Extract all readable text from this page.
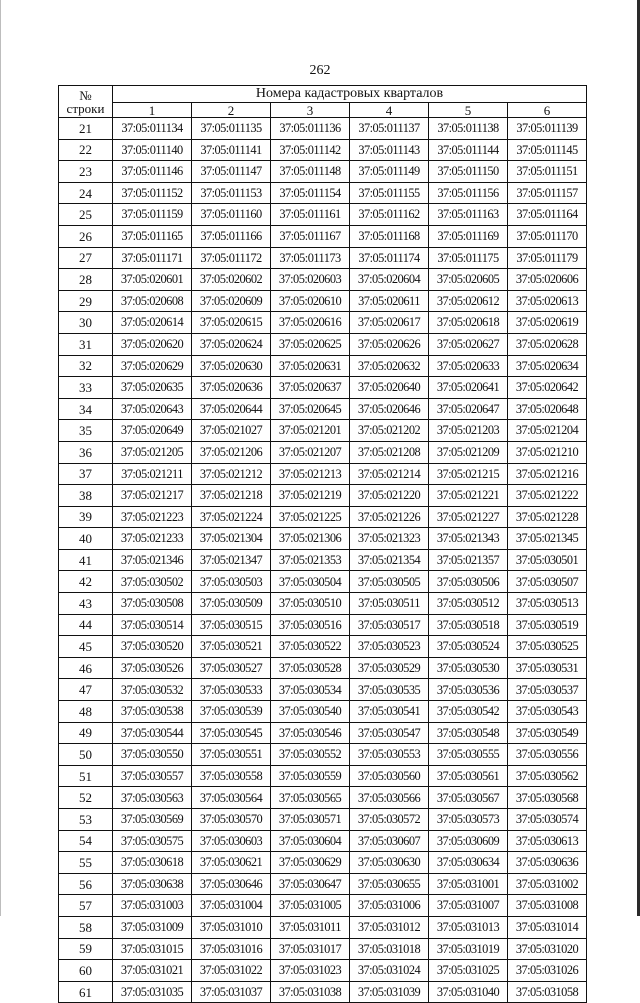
262
№
строки	Номера кадастровых кварталов					
	1	2	3	4	5	6
21	37:05:011134	37:05:011135	37:05:011136	37:05:011137	37:05:011138	37:05:011139
22	37:05:011140	37:05:011141	37:05:011142	37:05:011143	37:05:011144	37:05:011145
23	37:05:011146	37:05:011147	37:05:011148	37:05:011149	37:05:011150	37:05:011151
24	37:05:011152	37:05:011153	37:05:011154	37:05:011155	37:05:011156	37:05:011157
25	37:05:011159	37:05:011160	37:05:011161	37:05:011162	37:05:011163	37:05:011164
26	37:05:011165	37:05:011166	37:05:011167	37:05:011168	37:05:011169	37:05:011170
27	37:05:011171	37:05:011172	37:05:011173	37:05:011174	37:05:011175	37:05:011179
28	37:05:020601	37:05:020602	37:05:020603	37:05:020604	37:05:020605	37:05:020606
29	37:05:020608	37:05:020609	37:05:020610	37:05:020611	37:05:020612	37:05:020613
30	37:05:020614	37:05:020615	37:05:020616	37:05:020617	37:05:020618	37:05:020619
31	37:05:020620	37:05:020624	37:05:020625	37:05:020626	37:05:020627	37:05:020628
32	37:05:020629	37:05:020630	37:05:020631	37:05:020632	37:05:020633	37:05:020634
33	37:05:020635	37:05:020636	37:05:020637	37:05:020640	37:05:020641	37:05:020642
34	37:05:020643	37:05:020644	37:05:020645	37:05:020646	37:05:020647	37:05:020648
35	37:05:020649	37:05:021027	37:05:021201	37:05:021202	37:05:021203	37:05:021204
36	37:05:021205	37:05:021206	37:05:021207	37:05:021208	37:05:021209	37:05:021210
37	37:05:021211	37:05:021212	37:05:021213	37:05:021214	37:05:021215	37:05:021216
38	37:05:021217	37:05:021218	37:05:021219	37:05:021220	37:05:021221	37:05:021222
39	37:05:021223	37:05:021224	37:05:021225	37:05:021226	37:05:021227	37:05:021228
40	37:05:021233	37:05:021304	37:05:021306	37:05:021323	37:05:021343	37:05:021345
41	37:05:021346	37:05:021347	37:05:021353	37:05:021354	37:05:021357	37:05:030501
42	37:05:030502	37:05:030503	37:05:030504	37:05:030505	37:05:030506	37:05:030507
43	37:05:030508	37:05:030509	37:05:030510	37:05:030511	37:05:030512	37:05:030513
44	37:05:030514	37:05:030515	37:05:030516	37:05:030517	37:05:030518	37:05:030519
45	37:05:030520	37:05:030521	37:05:030522	37:05:030523	37:05:030524	37:05:030525
46	37:05:030526	37:05:030527	37:05:030528	37:05:030529	37:05:030530	37:05:030531
47	37:05:030532	37:05:030533	37:05:030534	37:05:030535	37:05:030536	37:05:030537
48	37:05:030538	37:05:030539	37:05:030540	37:05:030541	37:05:030542	37:05:030543
49	37:05:030544	37:05:030545	37:05:030546	37:05:030547	37:05:030548	37:05:030549
50	37:05:030550	37:05:030551	37:05:030552	37:05:030553	37:05:030555	37:05:030556
51	37:05:030557	37:05:030558	37:05:030559	37:05:030560	37:05:030561	37:05:030562
52	37:05:030563	37:05:030564	37:05:030565	37:05:030566	37:05:030567	37:05:030568
53	37:05:030569	37:05:030570	37:05:030571	37:05:030572	37:05:030573	37:05:030574
54	37:05:030575	37:05:030603	37:05:030604	37:05:030607	37:05:030609	37:05:030613
55	37:05:030618	37:05:030621	37:05:030629	37:05:030630	37:05:030634	37:05:030636
56	37:05:030638	37:05:030646	37:05:030647	37:05:030655	37:05:031001	37:05:031002
57	37:05:031003	37:05:031004	37:05:031005	37:05:031006	37:05:031007	37:05:031008
58	37:05:031009	37:05:031010	37:05:031011	37:05:031012	37:05:031013	37:05:031014
59	37:05:031015	37:05:031016	37:05:031017	37:05:031018	37:05:031019	37:05:031020
60	37:05:031021	37:05:031022	37:05:031023	37:05:031024	37:05:031025	37:05:031026
61	37:05:031035	37:05:031037	37:05:031038	37:05:031039	37:05:031040	37:05:031058
